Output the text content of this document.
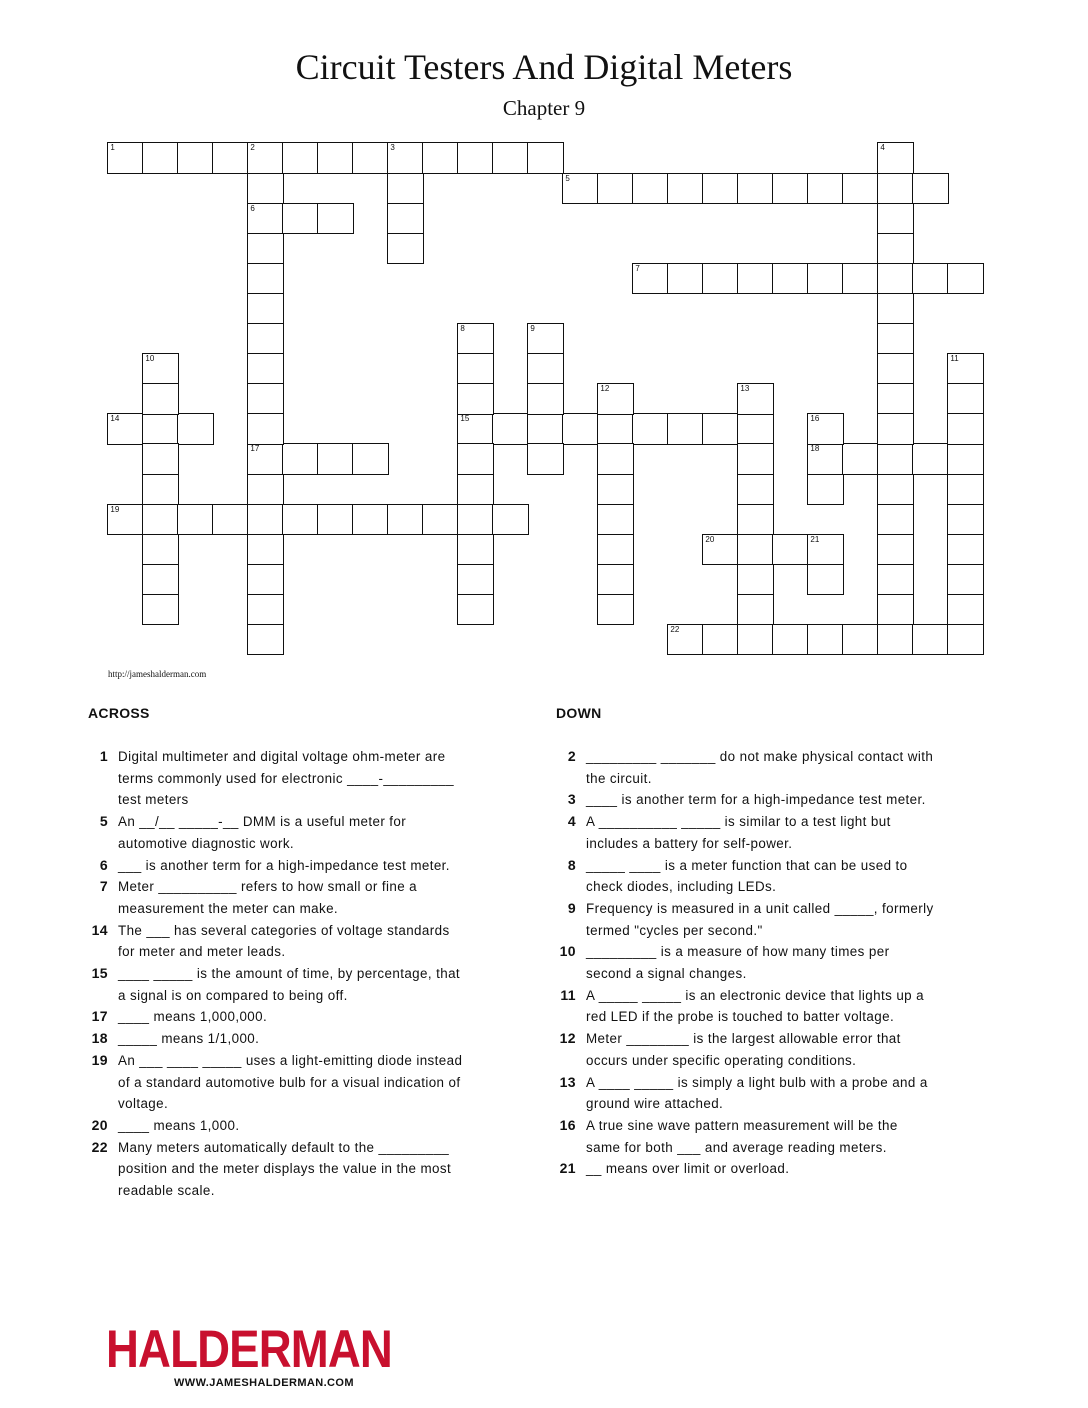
Circuit Testers And Digital Meters
Chapter 9
1	2	3
5
6
7
14	15
17	18
19
20	21
22
4
8	9
10	11
12	13
16
http://jameshalderman.com
ACROSS	DOWN
1 Digital multimeter and digital voltage ohm-meter are terms commonly used for electronic ____-_________ test meters
5 An __/__ _____-__ DMM is a useful meter for automotive diagnostic work.
6 ___ is another term for a high-impedance test meter.
7 Meter __________ refers to how small or fine a measurement the meter can make.
14 The ___ has several categories of voltage standards for meter and meter leads.
15 ____ _____ is the amount of time, by percentage, that a signal is on compared to being off.
17 ____ means 1,000,000.
18 _____ means 1/1,000.
19 An ___ ____ _____ uses a light-emitting diode instead of a standard automotive bulb for a visual indication of voltage.
20 ____ means 1,000.
22 Many meters automatically default to the _________ position and the meter displays the value in the most readable scale.
2 _________ _______ do not make physical contact with the circuit.
3 ____ is another term for a high-impedance test meter.
4 A __________ _____ is similar to a test light but includes a battery for self-power.
8 _____ ____ is a meter function that can be used to check diodes, including LEDs.
9 Frequency is measured in a unit called _____, formerly termed "cycles per second."
10 _________ is a measure of how many times per second a signal changes.
11 A _____ _____ is an electronic device that lights up a red LED if the probe is touched to batter voltage.
12 Meter ________ is the largest allowable error that occurs under specific operating conditions.
13 A ____ _____ is simply a light bulb with a probe and a ground wire attached.
16 A true sine wave pattern measurement will be the same for both ___ and average reading meters.
21 __ means over limit or overload.
HALDERMAN
WWW.JAMESHALDERMAN.COM
